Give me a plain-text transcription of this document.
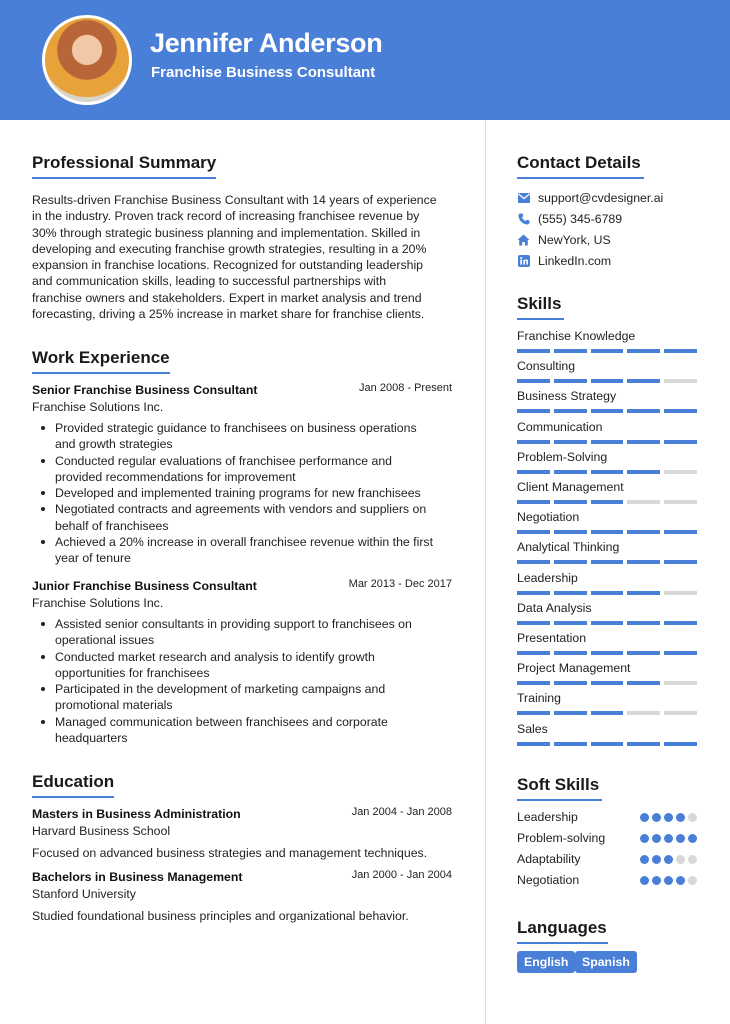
Jennifer Anderson
Franchise Business Consultant
Professional Summary
Results-driven Franchise Business Consultant with 14 years of experience
in the industry. Proven track record of increasing franchisee revenue by
30% through strategic business planning and implementation. Skilled in
developing and executing franchise growth strategies, resulting in a 20%
expansion in franchise locations. Recognized for outstanding leadership
and communication skills, leading to successful partnerships with
franchise owners and stakeholders. Expert in market analysis and trend
forecasting, driving a 25% increase in market share for franchise clients.
Work Experience
Senior Franchise Business Consultant	Jan 2008 - Present
Franchise Solutions Inc.
Provided strategic guidance to franchisees on business operations
and growth strategies
Conducted regular evaluations of franchisee performance and
provided recommendations for improvement
Developed and implemented training programs for new franchisees
Negotiated contracts and agreements with vendors and suppliers on
behalf of franchisees
Achieved a 20% increase in overall franchisee revenue within the first
year of tenure
Junior Franchise Business Consultant	Mar 2013 - Dec 2017
Franchise Solutions Inc.
Assisted senior consultants in providing support to franchisees on
operational issues
Conducted market research and analysis to identify growth
opportunities for franchisees
Participated in the development of marketing campaigns and
promotional materials
Managed communication between franchisees and corporate
headquarters
Education
Masters in Business Administration	Jan 2004 - Jan 2008
Harvard Business School
Focused on advanced business strategies and management techniques.
Bachelors in Business Management	Jan 2000 - Jan 2004
Stanford University
Studied foundational business principles and organizational behavior.
Contact Details
support@cvdesigner.ai
(555) 345-6789
NewYork, US
LinkedIn.com
Skills
Franchise Knowledge
Consulting
Business Strategy
Communication
Problem-Solving
Client Management
Negotiation
Analytical Thinking
Leadership
Data Analysis
Presentation
Project Management
Training
Sales
Soft Skills
Leadership
Problem-solving
Adaptability
Negotiation
Languages
English	Spanish
